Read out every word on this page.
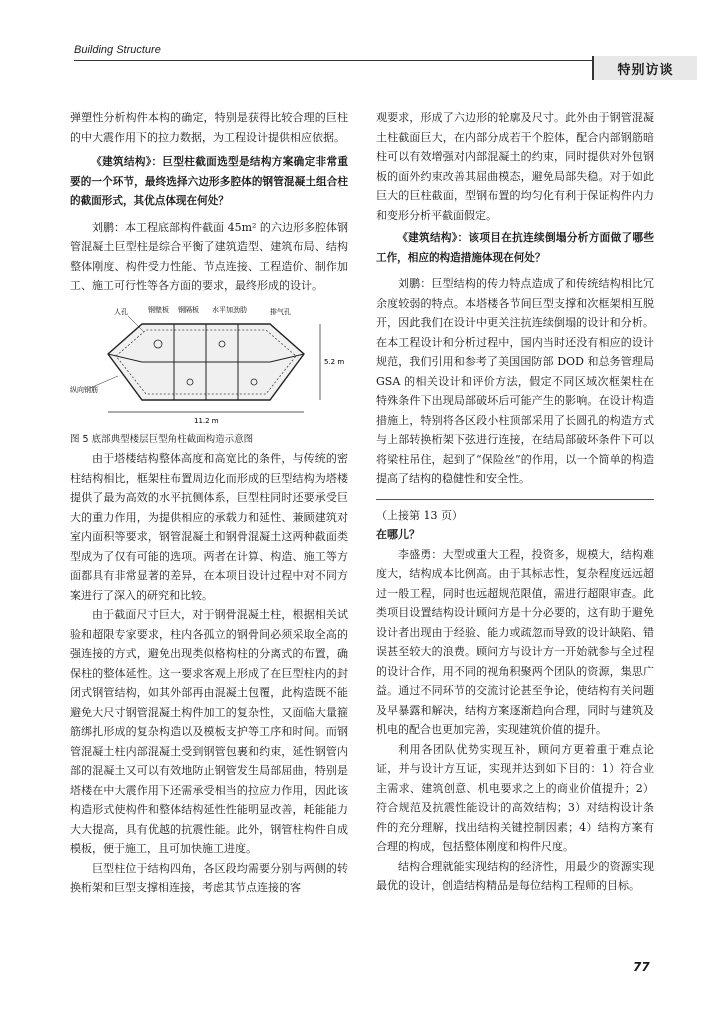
Building Structure
特别访谈

弹塑性分析构件本构的确定，特别是获得比较合理的巨柱的中大震作用下的拉力数据，为工程设计提供相应依据。

《建筑结构》：巨型柱截面选型是结构方案确定非常重要的一个环节，最终选择六边形多腔体的钢管混凝土组合柱的截面形式，其优点体现在何处？

刘鹏：本工程底部构件截面 45m² 的六边形多腔体钢管混凝土巨型柱是综合平衡了建筑造型、建筑布局、结构整体刚度、构件受力性能、节点连接、工程造价、制作加工、施工可行性等各方面的要求，最终形成的设计。

人孔	钢壁板 钢隔板 水平加劲肋	排气孔
纵向钢筋
11.2 m
5.2 m

图 5 底部典型楼层巨型角柱截面构造示意图

由于塔楼结构整体高度和高宽比的条件，与传统的密柱结构相比，框架柱布置周边化而形成的巨型结构为塔楼提供了最为高效的水平抗侧体系，巨型柱同时还要承受巨大的重力作用，为提供相应的承载力和延性、兼顾建筑对室内面积等要求，钢管混凝土和钢骨混凝土这两种截面类型成为了仅有可能的选项。两者在计算、构造、施工等方面都具有非常显著的差异，在本项目设计过程中对不同方案进行了深入的研究和比较。

由于截面尺寸巨大，对于钢骨混凝土柱，根据相关试验和超限专家要求，柱内各孤立的钢骨间必须采取全高的强连接的方式，避免出现类似格构柱的分离式的布置，确保柱的整体延性。这一要求客观上形成了在巨型柱内的封闭式钢管结构，如其外部再由混凝土包覆，此构造既不能避免大尺寸钢管混凝土构件加工的复杂性，又面临大量箍筋绑扎形成的复杂构造以及模板支护等工序和时间。而钢管混凝土柱内部混凝土受到钢管包裹和约束，延性钢管内部的混凝土又可以有效地防止钢管发生局部屈曲，特别是塔楼在中大震作用下还需承受相当的拉应力作用，因此该构造形式使构件和整体结构延性性能明显改善，耗能能力大大提高，具有优越的抗震性能。此外，钢管柱构件自成模板，便于施工，且可加快施工进度。

巨型柱位于结构四角，各区段均需要分别与两侧的转换桁架和巨型支撑相连接，考虑其节点连接的客

观要求，形成了六边形的轮廓及尺寸。此外由于钢管混凝土柱截面巨大，在内部分成若干个腔体，配合内部钢筋暗柱可以有效增强对内部混凝土的约束，同时提供对外包钢板的面外约束改善其屈曲模态，避免局部失稳。对于如此巨大的巨柱截面，型钢布置的均匀化有利于保证构件内力和变形分析平截面假定。

《建筑结构》：该项目在抗连续倒塌分析方面做了哪些工作，相应的构造措施体现在何处？

刘鹏：巨型结构的传力特点造成了和传统结构相比冗余度较弱的特点。本塔楼各节间巨型支撑和次框架相互脱开，因此我们在设计中更关注抗连续倒塌的设计和分析。在本工程设计和分析过程中，国内当时还没有相应的设计规范，我们引用和参考了美国国防部 DOD 和总务管理局 GSA 的相关设计和评价方法，假定不同区域次框架柱在特殊条件下出现局部破坏后可能产生的影响。在设计构造措施上，特别将各区段小柱顶部采用了长圆孔的构造方式与上部转换桁架下弦进行连接，在结局部破坏条件下可以将梁柱吊住，起到了“保险丝”的作用，以一个简单的构造提高了结构的稳健性和安全性。

（上接第 13 页）

在哪儿？

李盛勇：大型或重大工程，投资多，规模大，结构难度大，结构成本比例高。由于其标志性，复杂程度远远超过一般工程，同时也远超规范限值，需进行超限审查。此类项目设置结构设计顾问方是十分必要的，这有助于避免设计者出现由于经验、能力或疏忽而导致的设计缺陷、错误甚至较大的浪费。顾问方与设计方一开始就参与全过程的设计合作，用不同的视角积聚两个团队的资源，集思广益。通过不同环节的交流讨论甚至争论，使结构有关问题及早暴露和解决，结构方案逐渐趋向合理，同时与建筑及机电的配合也更加完善，实现建筑价值的提升。

利用各团队优势实现互补，顾问方更着重于难点论证，并与设计方互证，实现并达到如下目的：1）符合业主需求、建筑创意、机电要求之上的商业价值提升；2）符合规范及抗震性能设计的高效结构；3）对结构设计条件的充分理解，找出结构关键控制因素；4）结构方案有合理的构成，包括整体刚度和构件尺度。

结构合理就能实现结构的经济性，用最少的资源实现最优的设计，创造结构精品是每位结构工程师的目标。

77
